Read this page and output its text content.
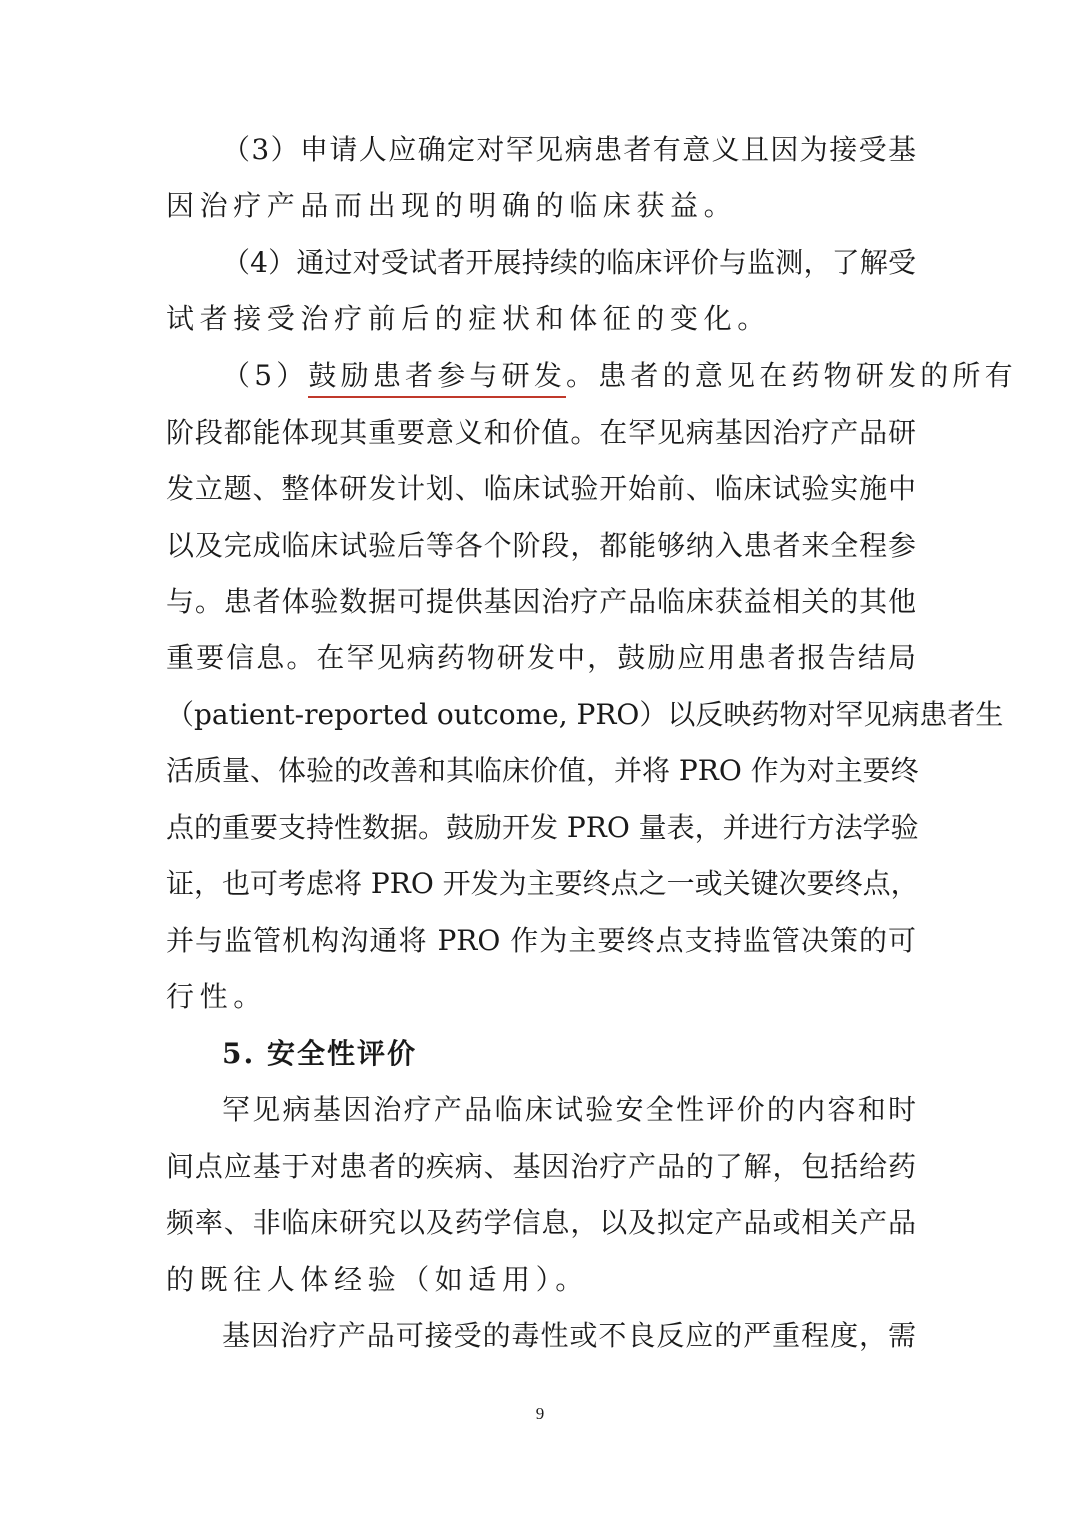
（3）申请人应确定对罕见病患者有意义且因为接受基
因治疗产品而出现的明确的临床获益。
（4）通过对受试者开展持续的临床评价与监测，了解受
试者接受治疗前后的症状和体征的变化。
（5）鼓励患者参与研发。患者的意见在药物研发的所有
阶段都能体现其重要意义和价值。在罕见病基因治疗产品研
发立题、整体研发计划、临床试验开始前、临床试验实施中
以及完成临床试验后等各个阶段，都能够纳入患者来全程参
与。患者体验数据可提供基因治疗产品临床获益相关的其他
重要信息。在罕见病药物研发中，鼓励应用患者报告结局
（patient-reported outcome, PRO）以反映药物对罕见病患者生
活质量、体验的改善和其临床价值，并将 PRO 作为对主要终
点的重要支持性数据。鼓励开发 PRO 量表，并进行方法学验
证，也可考虑将 PRO 开发为主要终点之一或关键次要终点，
并与监管机构沟通将 PRO 作为主要终点支持监管决策的可
行性。
5. 安全性评价
罕见病基因治疗产品临床试验安全性评价的内容和时
间点应基于对患者的疾病、基因治疗产品的了解，包括给药
频率、非临床研究以及药学信息，以及拟定产品或相关产品
的既往人体经验（如适用）。
基因治疗产品可接受的毒性或不良反应的严重程度，需
9
